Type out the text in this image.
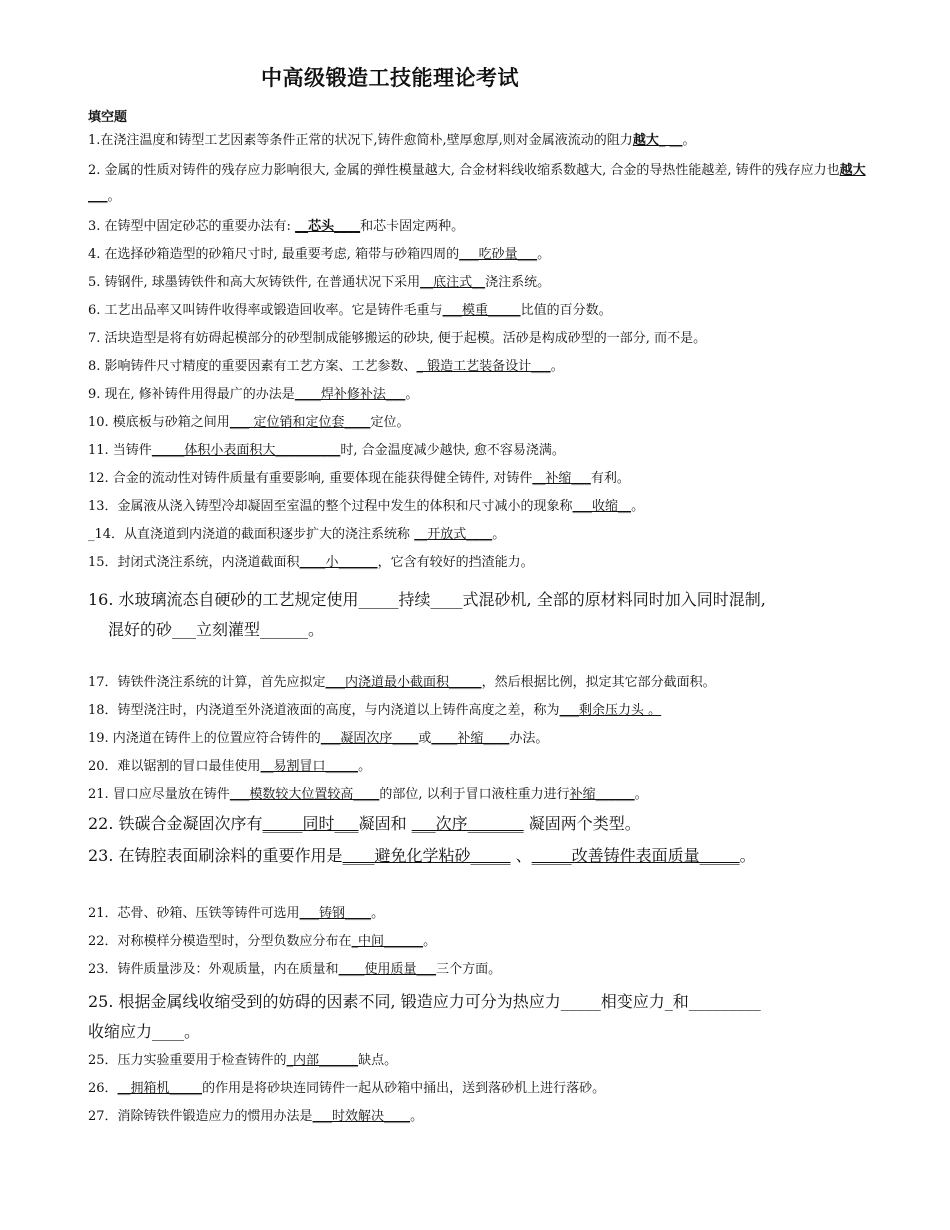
中高级锻造工技能理论考试
填空题
1.在浇注温度和铸型工艺因素等条件正常的状况下,铸件愈简朴,壁厚愈厚,则对金属液流动的阻力越大_ __。
2. 金属的性质对铸件的残存应力影响很大, 金属的弹性模量越大, 合金材料线收缩系数越大, 合金的导热性能越差, 铸件的残存应力也越大___。
3. 在铸型中固定砂芯的重要办法有: __芯头____和芯卡固定两种。
4. 在选择砂箱造型的砂箱尺寸时, 最重要考虑, 箱带与砂箱四周的___吃砂量___。
5. 铸钢件, 球墨铸铁件和高大灰铸铁件, 在普通状况下采用__底注式__浇注系统。
6. 工艺出品率又叫铸件收得率或锻造回收率。它是铸件毛重与___模重_____比值的百分数。
7. 活块造型是将有妨碍起模部分的砂型制成能够搬运的砂块, 便于起模。活砂是构成砂型的一部分, 而不是。
8. 影响铸件尺寸精度的重要因素有工艺方案、工艺参数、_ 锻造工艺装备设计___。
9. 现在, 修补铸件用得最广的办法是____焊补修补法___。
10. 模底板与砂箱之间用___ 定位销和定位套____定位。
11. 当铸件_____体积小表面积大__________时, 合金温度减少越快, 愈不容易浇满。
12. 合金的流动性对铸件质量有重要影响, 重要体现在能获得健全铸件, 对铸件__补缩___有利。
13．金属液从浇入铸型冷却凝固至室温的整个过程中发生的体积和尺寸减小的现象称___收缩__。
_14．从直浇道到内浇道的截面积逐步扩大的浇注系统称 __开放式____。
15．封闭式浇注系统，内浇道截面积____小______，它含有较好的挡渣能力。
16. 水玻璃流态自硬砂的工艺规定使用_____持续____式混砂机, 全部的原材料同时加入同时混制,
混好的砂___立刻灌型______。
17．铸铁件浇注系统的计算，首先应拟定___内浇道最小截面积_____，然后根据比例，拟定其它部分截面积。
18．铸型浇注时，内浇道至外浇道液面的高度，与内浇道以上铸件高度之差，称为___剩余压力头 。
19. 内浇道在铸件上的位置应符合铸件的___凝固次序____或____补缩____办法。
20．难以锯割的冒口最佳使用__易割冒口_____。
21. 冒口应尽量放在铸件___模数较大位置较高____的部位, 以利于冒口液柱重力进行补缩______。
22. 铁碳合金凝固次序有_____同时___凝固和 ___次序_______ 凝固两个类型。
23. 在铸腔表面刷涂料的重要作用是____避免化学粘砂_____ 、_____改善铸件表面质量_____。
21．芯骨、砂箱、压铁等铸件可选用___铸钢____。
22．对称模样分模造型时，分型负数应分布在_中间______。
23．铸件质量涉及：外观质量，内在质量和____使用质量___三个方面。
25. 根据金属线收缩受到的妨碍的因素不同, 锻造应力可分为热应力_____相变应力_和_________
收缩应力____。
25．压力实验重要用于检查铸件的_内部______缺点。
26．__拥箱机_____的作用是将砂块连同铸件一起从砂箱中捅出，送到落砂机上进行落砂。
27．消除铸铁件锻造应力的惯用办法是___时效解决____。
